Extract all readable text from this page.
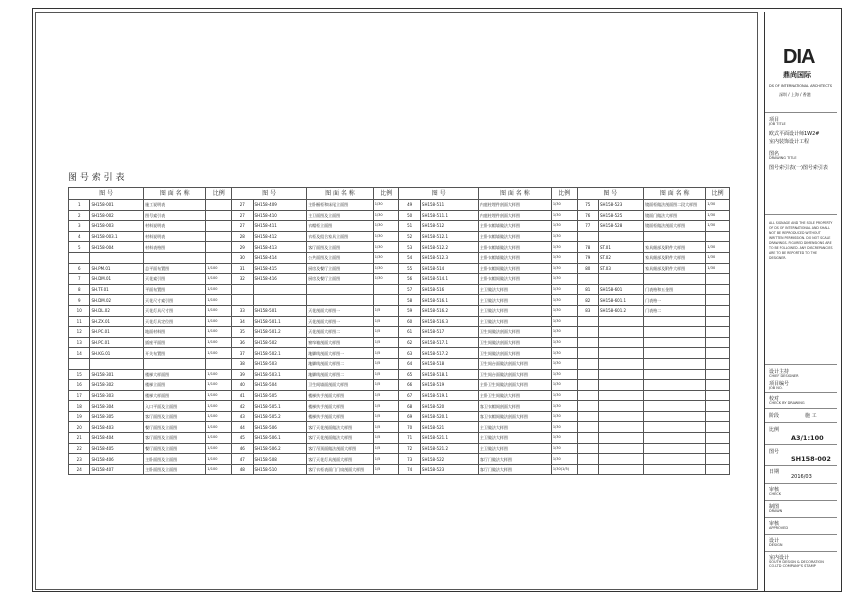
图 号 索 引 表
图 号		图 面 名 称	比例	图 号		图 面 名 称	比例	图 号		图 面 名 称	比例	图 号		图 面 名 称	比例
1	SH158-001	施工说明表		27	SH158-409	主卧橱柜和床尾立面图	1/30	49	SH158-511	内庭柱埋件剖面大样图	1/30	75	SH158-523	镜面柜做法剖面图二段大样图	1/30
2	SH158-002	图号索引表		27	SH158-410	主卫面图及立面图	1/30	50	SH158-511.1	内庭柱埋件剖面大样图	1/30	76	SH158-525	镜面门做法大样图	1/30
3	SH158-003	材料说明表		27	SH158-411	衣帽柜立面图	1/30	51	SH158-512	主卧衣帽墙做法大样图	1/30	77	SH158-528	镜面柜做法剖面大样图	1/30
4	SH158-003.1	材料说明表		28	SH158-412	衣柜及组合家具立面图	1/30	52	SH158-512.1	主卧衣帽墙做法大样图	1/30				
5	SH158-004	材料表格图		29	SH158-413	客厅面图及立面图	1/30	53	SH158-512.2	主卧衣帽墙做法大样图	1/30	78	ST.01	家具细部及附件大样图	1/30
				30	SH158-414	公共面图及立面图	1/30	54	SH158-512.3	主卧衣帽墙做法大样图	1/30	79	ST.02	家具细部及附件大样图	1/30
6	SH.PM.01	总平面布置图	1/100	31	SH158-415	厨房及餐厅立面图	1/30	55	SH158-514	主卧衣帽间做法大样图	1/30	80	ST.03	家具细部及附件大样图	1/30
7	SH.DM.01	天花索引图	1/100	32	SH158-416	厨房及餐厅立面图	1/30	56	SH158-514.1	主卧衣帽间做法大样图	1/30				
8	SH.TF.01	平面布置图	1/100					57	SH158-516	主卫做法大样图	1/30	81	SH158-601	门表格和五金图	
9	SH.DM.02	天花尺寸索引图	1/100					58	SH158-516.1	主卫做法大样图	1/30	82	SH158-601.1	门表格一	
10	SH.DL.02	天花灯具尺寸图	1/100	33	SH158-501	天花剖面大样图一	1/5	59	SH158-516.2	主卫做法大样图	1/30	83	SH158-601.2	门表格二	
11	SH.ZX.01	天花灯具定位图	1/100	34	SH158-501.1	天花剖面大样图一	1/5	60	SH158-516.3	主卫做法大样图	1/30				
12	SH.PC.01	地面材料图	1/100	35	SH158-501.2	天花剖面大样图二	1/5	61	SH158-517	卫生间做法剖面大样图	1/30				
13	SH.PC.01	插座平面图	1/100	36	SH158-502	窗帘箱剖面大样图	1/5	62	SH158-517.1	卫生间做法剖面大样图	1/30				
14	SH.KG.01	开关布置图	1/100	37	SH158-502.1	地脚线剖面大样图一	1/5	63	SH158-517.2	卫生间做法剖面大样图	1/30				
				38	SH158-503	地脚线剖面大样图二	1/5	64	SH158-518	卫生间台面做法剖面大样图	1/30				
15	SH158-301	楼梯大样面图	1/100	39	SH158-503.1	地脚线剖面大样图二	1/5	65	SH158-518.1	卫生间台面做法剖面大样图	1/30				
16	SH158-302	楼梯立面图	1/100	40	SH158-504	卫生间墙面剖面大样图	1/5	66	SH158-519	主卧卫生间做法剖面大样图	1/30				
17	SH158-303	楼梯大样面图	1/100	41	SH158-505	楼梯扶手剖面大样图	1/5	67	SH158-519.1	主卧卫生间做法大样图	1/30				
18	SH158-304	入口平面及立面图	1/100	42	SH158-505.1	楼梯扶手剖面大样图	1/5	68	SH158-520	客卫衣帽间剖面大样图	1/30				
19	SH158-305	客厅面图及立面图	1/100	43	SH158-505.2	楼梯扶手剖面大样图	1/5	69	SH158-520.1	客卫衣帽间做法剖面大样图	1/30				
20	SH158-403	餐厅面图及立面图	1/100	44	SH158-506	客厅天花剖面做法大样图	1/5	70	SH158-521	主卫做法大样图	1/30				
21	SH158-404	客厅面图及立面图	1/100	45	SH158-506.1	客厅天花剖面做法大样图	1/5	71	SH158-521.1	主卫做法大样图	1/30				
22	SH158-405	餐厅面图及立面图	1/100	46	SH158-506.2	客厅吊顶面做法剖面大样图	1/5	72	SH158-521.2	主卫做法大样图	1/30				
23	SH158-406	主卧面图及立面图	1/100	47	SH158-508	客厅天花灯具剖面大样图	1/5	73	SH158-522	客厅门做法大样图	1/30				
24	SH158-407	主卧面图及立面图	1/100	48	SH158-510	客厅衣柜表面门门扇剖面大样图	1/5	74	SH158-523	客厅门做法大样图	1/30(1/5)				
DIA
鼎尚国际
DS OF INTERNATIONAL ARCHITECTS
深圳 / 上海 / 香港
项目
JOB TITLE
欧式平面设计师1W2#
室内装饰设计工程
图名
DRAWING TITLE
图号索引表(一)图号索引表
ALL SIGNAGE AND THE SOLE PROPERTY OF DS OF INTERNATIONAL AND SHALL NOT BE REPRODUCED WITHOUT WRITTEN PERMISSION. DO NOT SCALE DRAWINGS. FIGURED DIMENSIONS ARE TO BE FOLLOWED. ANY DISCREPANCIES ARE TO BE REPORTED TO THE DESIGNER.
设计主持
CHIEF DESIGNER
项目编号
JOB NO.
校对
CHECK BY DRAWING
阶段	施 工
比例
A3/1:100
图号
SH158-002
日期
2016/03
审核
CHECK
制图
DRAWN
审核
APPROVED
设计
DESIGN
室内设计
SOUTH DESIGN & DECORATION CO.LTD COMPANY'S STAMP
